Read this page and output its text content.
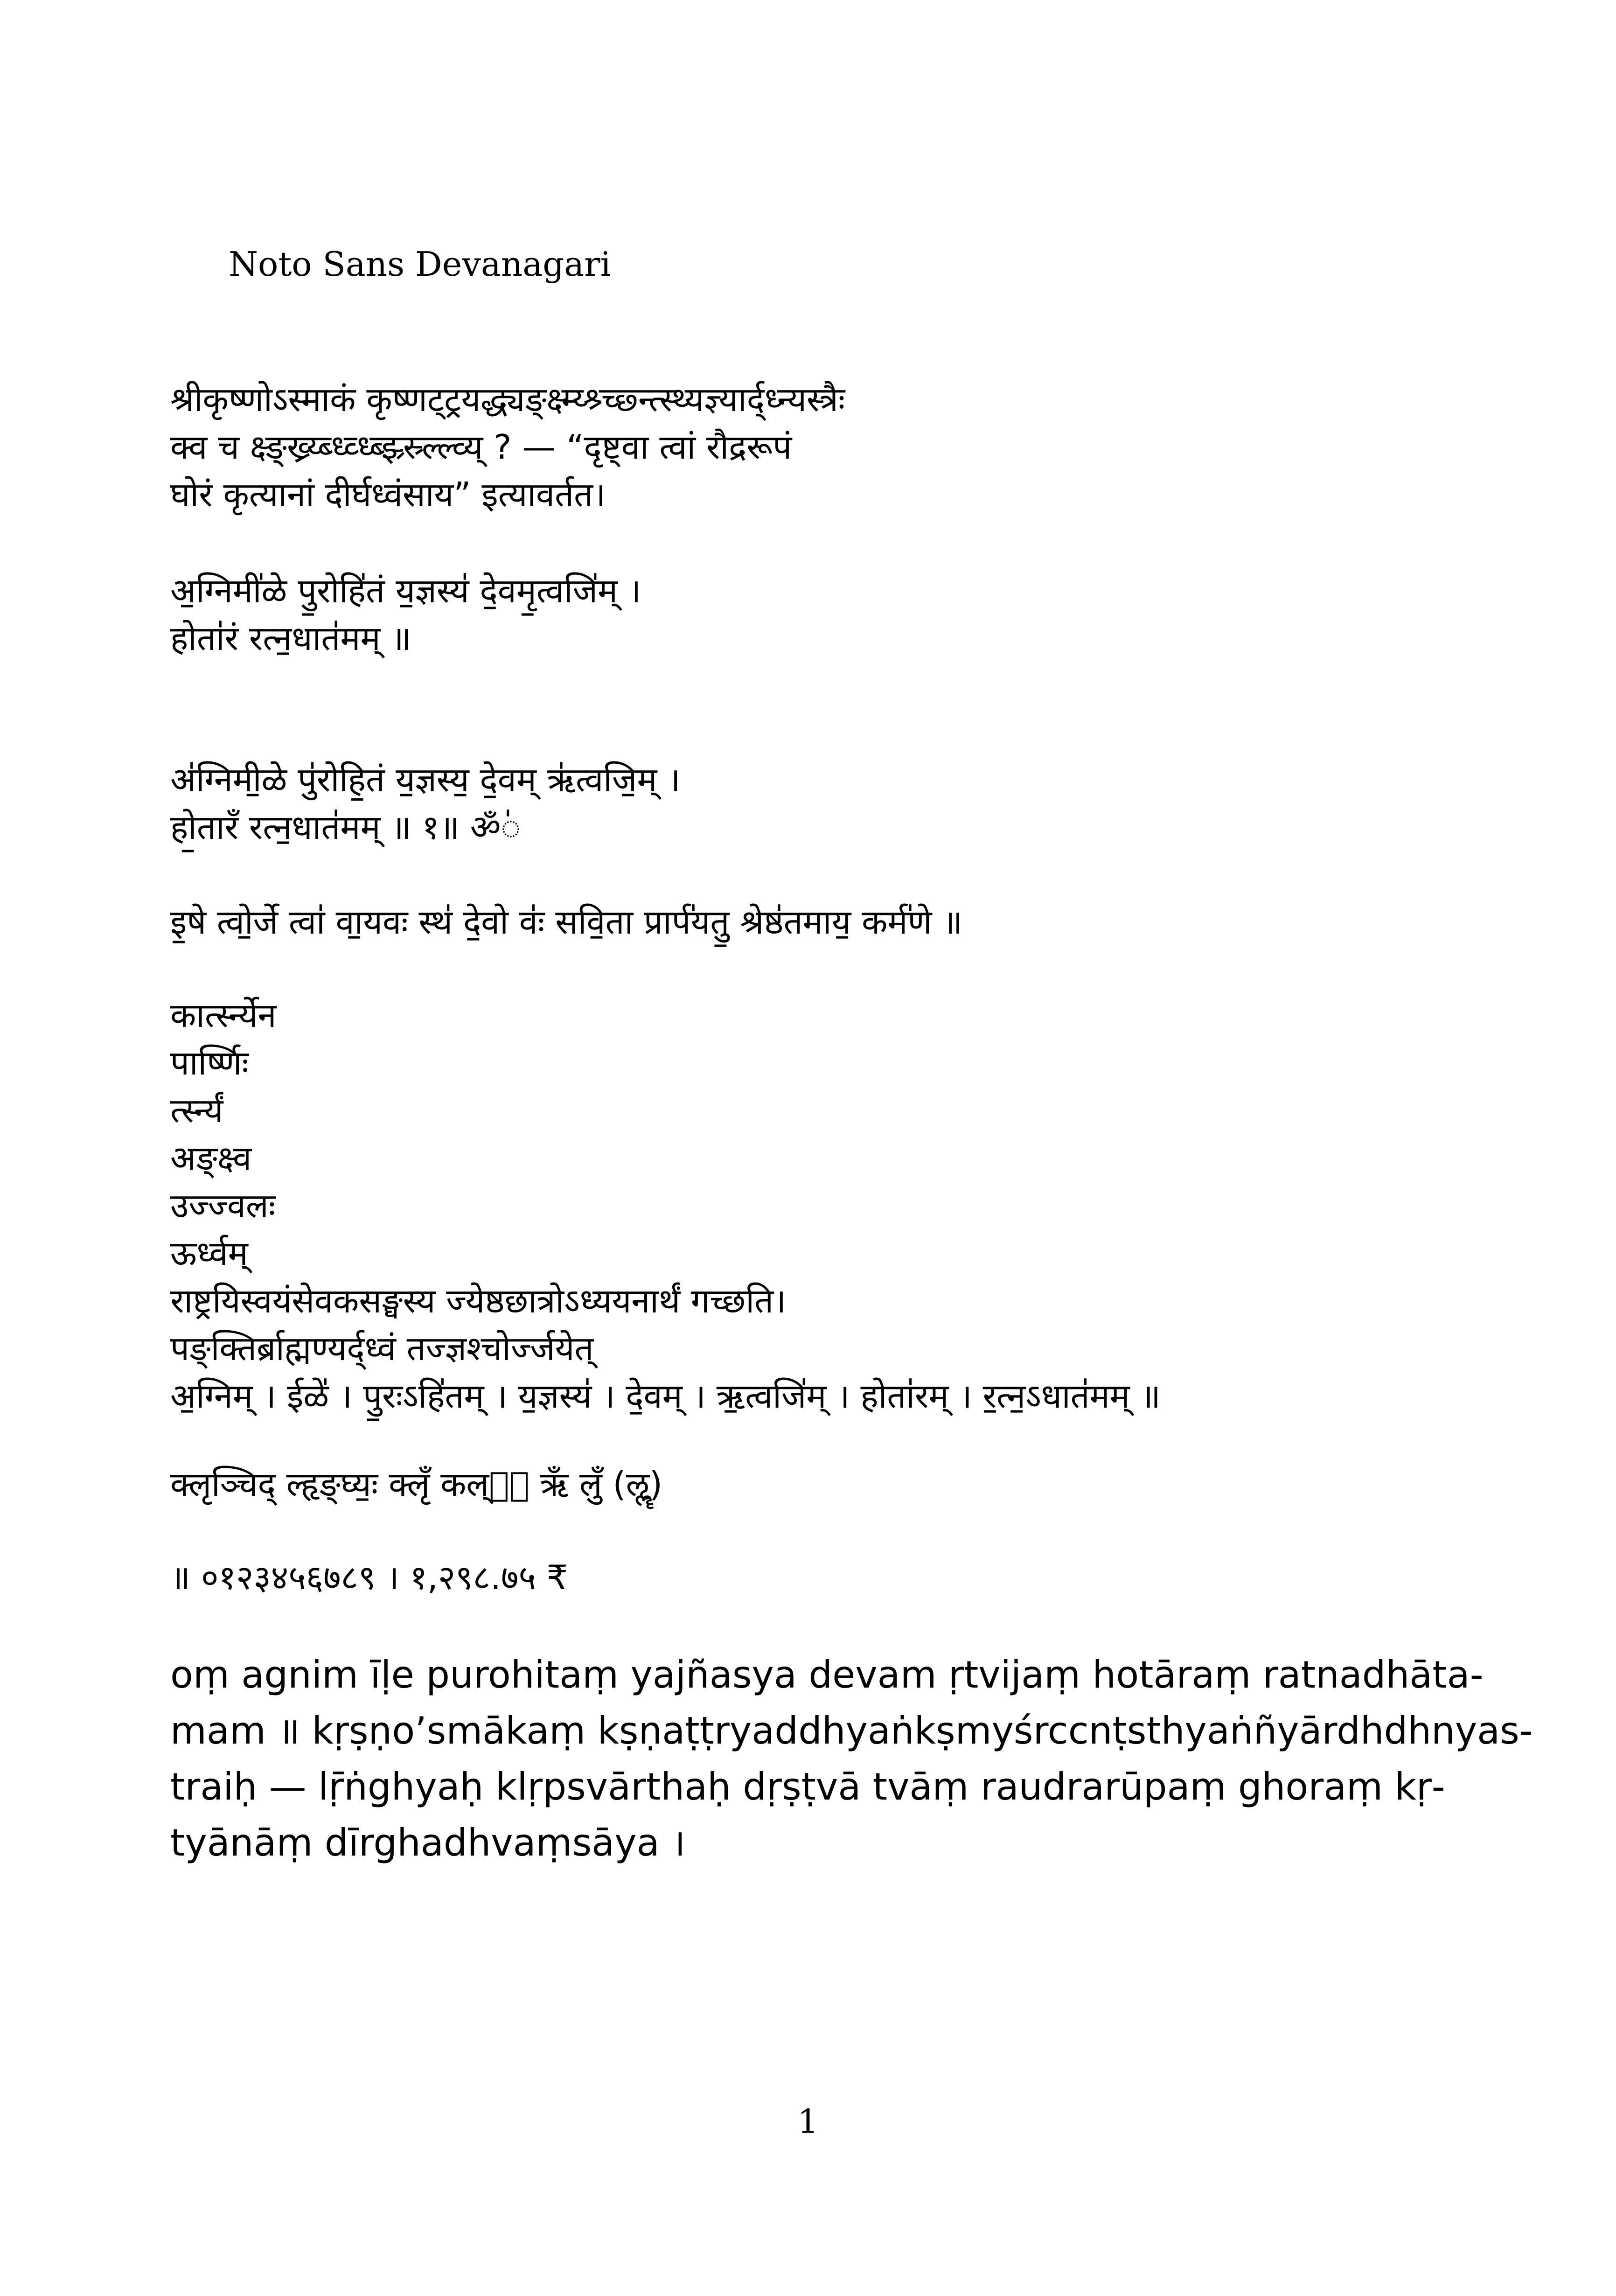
Noto Sans Devanagari
श्रीकृष्णोऽस्माकं कृष्णट्ट्रयद्ध्यङ्क्ष्म्य्श्र्च्छ्न्त्स्थ्यज्ञ्यार्द्ध्न्यस्त्रैः
क्व च क्ष्ङ्ख्र्य्ब्ध्व्ध्ब्झ्र्स्र्ल्ल्व्य् ? — “दृष्ट्वा त्वां रौद्ररूपं
घोरं कृत्यानां दीर्घध्वंसाय” इत्यावर्तत।
अ॒ग्निमी॑ळे पु॒रोहि॑तं य॒ज्ञस्य॑ दे॒वमृ॒त्वजि॑म् ।
होता॑रं रत्न॒धात॑मम् ॥
अ॑ग्निमी॒ळे पु॑रोहि॒तं य॒ज्ञस्य॒ दे॒वम् ऋ॑त्वजि॒म् ।
हो॒तारँ रत्न॒धात॑मम् ॥ १॥ ॐ॑
इ॒षे त्वो॒र्जे त्वा॑ वा॒यवः स्थ॑ दे॒वो वः॑ सवि॒ता प्रार्प॑यतु॒ श्रेष्ठ॑तमाय॒ कर्म॑णे ॥
कार्त्स्न्येन
पार्ष्णिः
र्त्स्न्यं
अङ्क्ष्व
उज्ज्वलः
ऊर्ध्वम्
राष्ट्रयिस्वयंसेवकसङ्घस्य ज्येष्ठछात्रोऽध्ययनार्थं गच्छति।
पङ्क्तिर्ब्राह्मण्यर्द्ध्वं तज्ज्ञश्चोर्ज्जयेत्
अ॒ग्निम् । ईळे॑ । पु॒रःऽहि॑तम् । य॒ज्ञस्य॑ । दे॒वम् । ऋ॒त्वजि॑म् । होता॑रम् । र॒त्न॒ऽधात॑मम् ॥
क्लृञ्चिद् ल्हृङ्घ्यः॒ क्लृँ कल्ᳪः ऋँ लुँ (ऌॣ)
॥ ०१२३४५६७८९ । १,२९८.७५ ₹
oṃ agnim īḷe purohitaṃ yajñasya devam ṛtvijaṃ hotāraṃ ratnadhāta-
mam ॥ kṛṣṇo’smākaṃ kṣṇaṭṭryaddhyaṅkṣmyśrccnṭsthyaṅñyārdhdhnyas-
traiḥ — lṝṅghyaḥ klṛpsvārthaḥ dṛṣṭvā tvāṃ raudrarūpaṃ ghoraṃ kṛ-
tyānāṃ dīrghadhvaṃsāya ।
1
